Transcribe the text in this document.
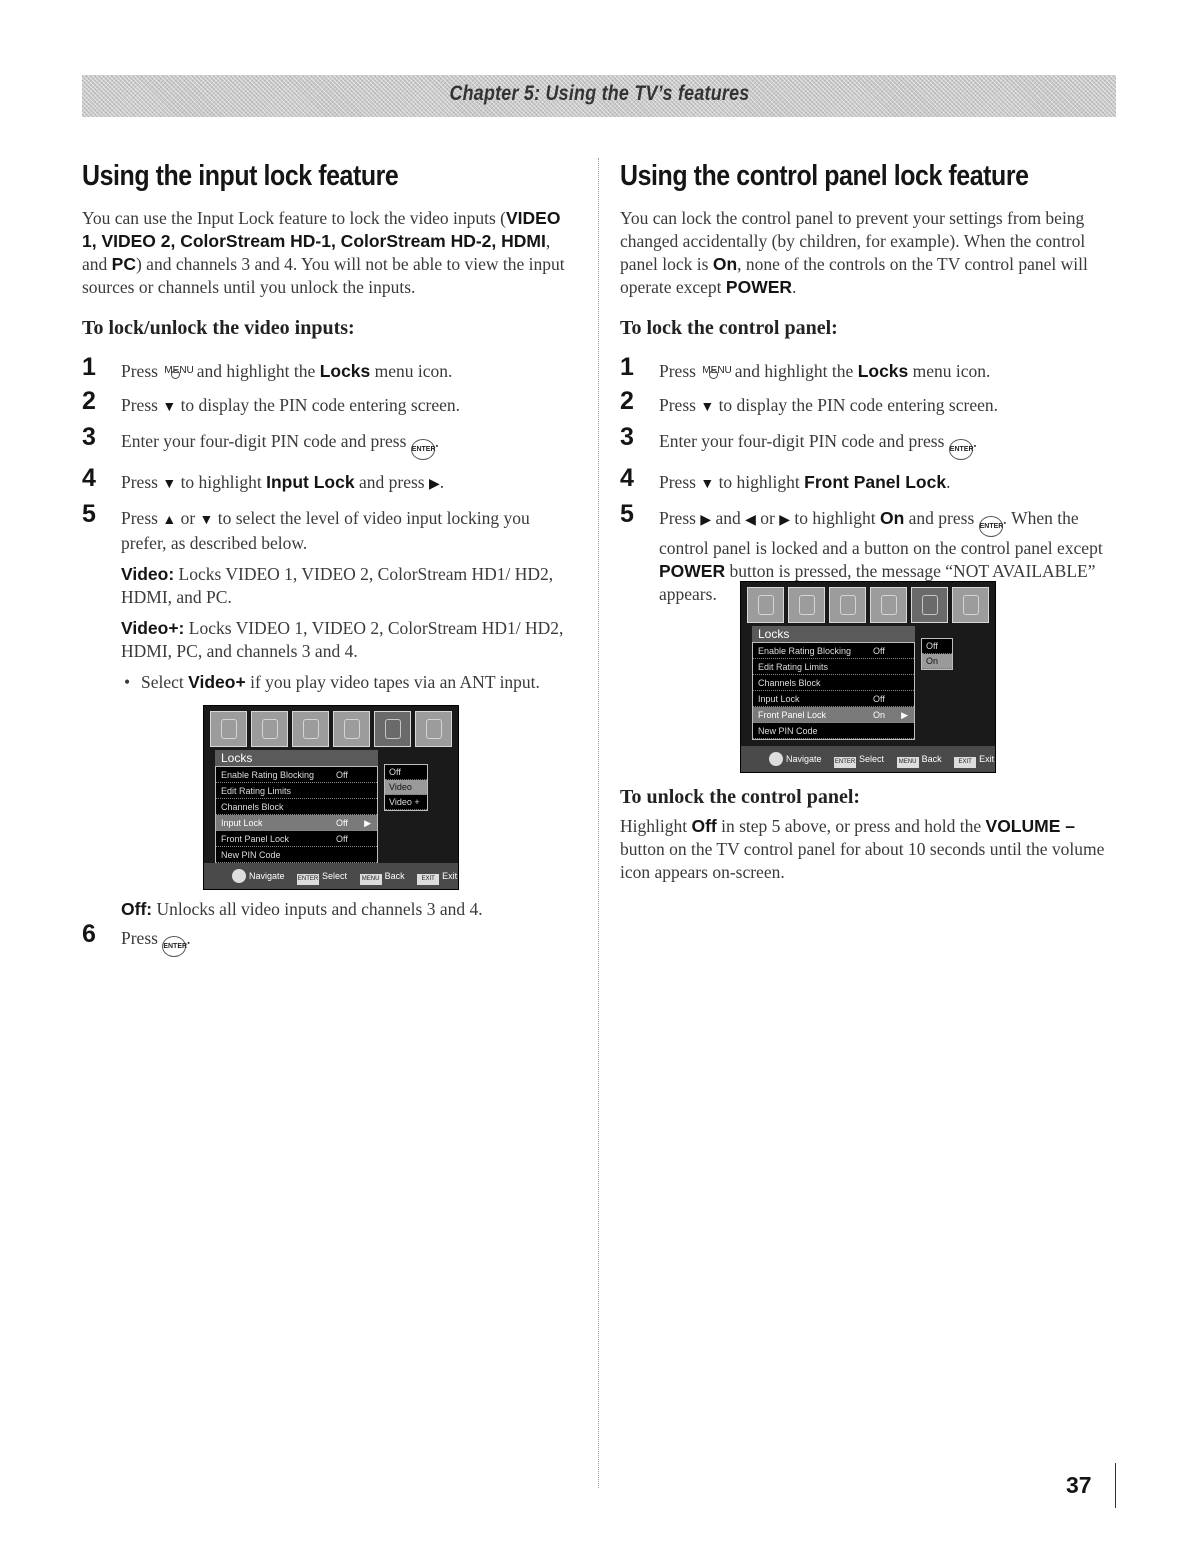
Chapter 5: Using the TV’s features
Using the input lock feature

You can use the Input Lock feature to lock the video inputs (VIDEO 1, VIDEO 2, ColorStream HD-1, ColorStream HD-2, HDMI, and PC) and channels 3 and 4. You will not be able to view the input sources or channels until you unlock the inputs.

To lock/unlock the video inputs:
1 Press MENU
and highlight the Locks menu icon.
2 Press ▼ to display the PIN code entering screen.
3 Enter your four-digit PIN code and press ENTER.
4 Press ▼ to highlight Input Lock and press ▶.
5 Press ▲ or ▼ to select the level of video input locking you prefer, as described below.
Video: Locks VIDEO 1, VIDEO 2, ColorStream HD1/ HD2, HDMI, and PC.
Video+: Locks VIDEO 1, VIDEO 2, ColorStream HD1/ HD2, HDMI, PC, and channels 3 and 4.
• Select Video+ if you play video tapes via an ANT input.
Locks
Enable Rating Blocking Off
Edit Rating Limits
Channels Block
Input Lock	Off ▶
Front Panel Lock	Off
New PIN Code
Off
Video
Video +
Navigate ENTER Select MENU Back	EXIT Exit
Off: Unlocks all video inputs and channels 3 and 4.
6 Press ENTER.
Using the control panel lock feature

You can lock the control panel to prevent your settings from being changed accidentally (by children, for example). When the control panel lock is On, none of the controls on the TV control panel will operate except POWER.

To lock the control panel:
1 Press MENU
and highlight the Locks menu icon.
2 Press ▼ to display the PIN code entering screen.
3 Enter your four-digit PIN code and press ENTER.
4 Press ▼ to highlight Front Panel Lock.
5 Press ▶ and ◀ or ▶ to highlight On and press ENTER. When the control panel is locked and a button on the control panel except POWER button is pressed, the message “NOT AVAILABLE” appears.
Locks
Enable Rating Blocking Off
Edit Rating Limits
Channels Block
Input Lock	Off
Front Panel Lock	On ▶
New PIN Code
Off
On
Navigate ENTER Select MENU Back	EXIT Exit
To unlock the control panel:

Highlight Off in step 5 above, or press and hold the VOLUME – button on the TV control panel for about 10 seconds until the volume icon appears on-screen.

37
